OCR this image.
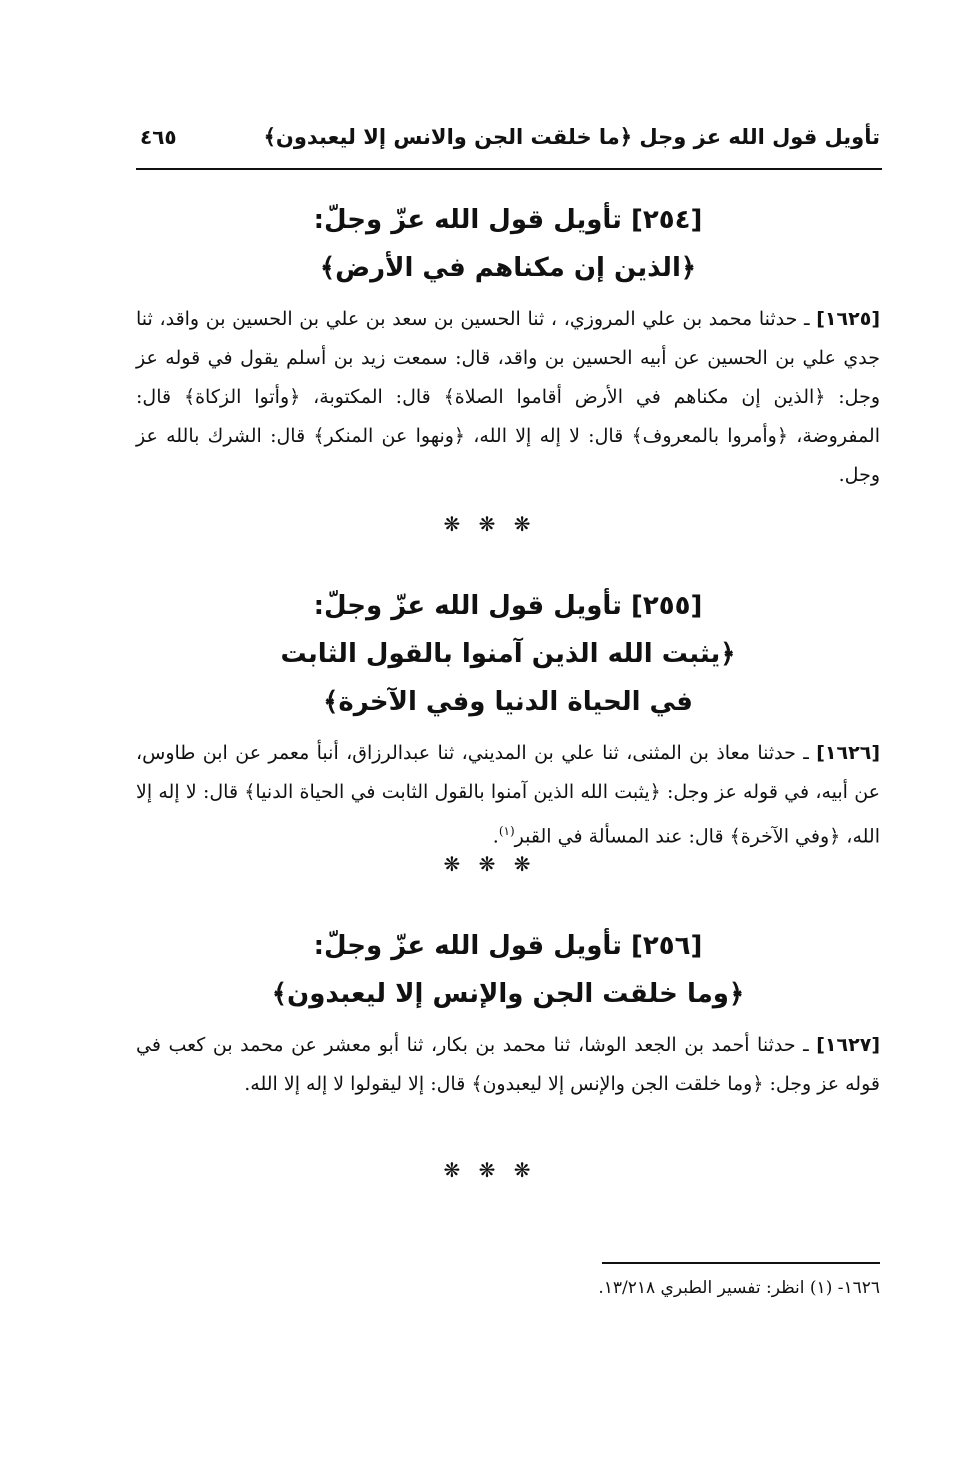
تأويل قول الله عز وجل ﴿ما خلقت الجن والانس إلا ليعبدون﴾
٤٦٥
[٢٥٤] تأويل قول الله عزّ وجلّ:
﴿الذين إن مكناهم في الأرض﴾
[١٦٢٥] ـ حدثنا محمد بن علي المروزي، ، ثنا الحسين بن سعد بن علي بن الحسين بن واقد، ثنا جدي علي بن الحسين عن أبيه الحسين بن واقد، قال: سمعت زيد بن أسلم يقول في قوله عز وجل: ﴿الذين إن مكناهم في الأرض أقاموا الصلاة﴾ قال: المكتوبة، ﴿وأتوا الزكاة﴾ قال: المفروضة، ﴿وأمروا بالمعروف﴾ قال: لا إله إلا الله، ﴿ونهوا عن المنكر﴾ قال: الشرك بالله عز وجل.
❋ ❋ ❋
[٢٥٥] تأويل قول الله عزّ وجلّ:
﴿يثبت الله الذين آمنوا بالقول الثابت
في الحياة الدنيا وفي الآخرة﴾
[١٦٢٦] ـ حدثنا معاذ بن المثنى، ثنا علي بن المديني، ثنا عبدالرزاق، أنبأ معمر عن ابن طاوس، عن أبيه، في قوله عز وجل: ﴿يثبت الله الذين آمنوا بالقول الثابت في الحياة الدنيا﴾ قال: لا إله إلا الله، ﴿وفي الآخرة﴾ قال: عند المسألة في القبر$^{(١)}$.
❋ ❋ ❋
[٢٥٦] تأويل قول الله عزّ وجلّ:
﴿وما خلقت الجن والإنس إلا ليعبدون﴾
[١٦٢٧] ـ حدثنا أحمد بن الجعد الوشا، ثنا محمد بن بكار، ثنا أبو معشر عن محمد بن كعب في قوله عز وجل: ﴿وما خلقت الجن والإنس إلا ليعبدون﴾ قال: إلا ليقولوا لا إله إلا الله.
❋ ❋ ❋
١٦٢٦- (١) انظر: تفسير الطبري ١٣/٢١٨.
